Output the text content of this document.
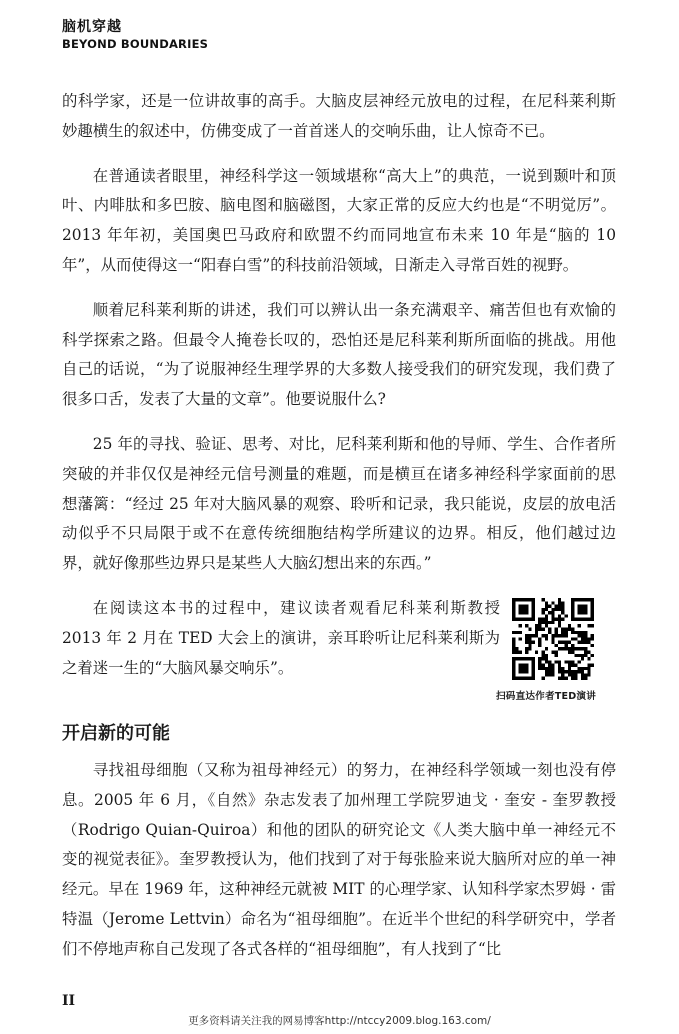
脑机穿越
BEYOND BOUNDARIES

的科学家，还是一位讲故事的高手。大脑皮层神经元放电的过程，在尼科莱利斯妙趣横生的叙述中，仿佛变成了一首首迷人的交响乐曲，让人惊奇不已。

在普通读者眼里，神经科学这一领域堪称“高大上”的典范，一说到颞叶和顶叶、内啡肽和多巴胺、脑电图和脑磁图，大家正常的反应大约也是“不明觉厉”。2013 年年初，美国奥巴马政府和欧盟不约而同地宣布未来 10 年是“脑的 10 年”，从而使得这一“阳春白雪”的科技前沿领域，日渐走入寻常百姓的视野。

顺着尼科莱利斯的讲述，我们可以辨认出一条充满艰辛、痛苦但也有欢愉的科学探索之路。但最令人掩卷长叹的，恐怕还是尼科莱利斯所面临的挑战。用他自己的话说，“为了说服神经生理学界的大多数人接受我们的研究发现，我们费了很多口舌，发表了大量的文章”。他要说服什么?

25 年的寻找、验证、思考、对比，尼科莱利斯和他的导师、学生、合作者所突破的并非仅仅是神经元信号测量的难题，而是横亘在诸多神经科学家面前的思想藩篱：“经过 25 年对大脑风暴的观察、聆听和记录，我只能说，皮层的放电活动似乎不只局限于或不在意传统细胞结构学所建议的边界。相反，他们越过边界，就好像那些边界只是某些人大脑幻想出来的东西。”

在阅读这本书的过程中，建议读者观看尼科莱利斯教授 2013 年 2 月在 TED 大会上的演讲，亲耳聆听让尼科莱利斯为之着迷一生的“大脑风暴交响乐”。

扫码直达作者TED演讲
开启新的可能

寻找祖母细胞（又称为祖母神经元）的努力，在神经科学领域一刻也没有停息。2005 年 6 月，《自然》杂志发表了加州理工学院罗迪戈 · 奎安 - 奎罗教授（Rodrigo Quian-Quiroa）和他的团队的研究论文《人类大脑中单一神经元不变的视觉表征》。奎罗教授认为，他们找到了对于每张脸来说大脑所对应的单一神经元。早在 1969 年，这种神经元就被 MIT 的心理学家、认知科学家杰罗姆 · 雷特温（Jerome Lettvin）命名为“祖母细胞”。在近半个世纪的科学研究中，学者们不停地声称自己发现了各式各样的“祖母细胞”，有人找到了“比

II
更多资料请关注我的网易博客http://ntccy2009.blog.163.com/
